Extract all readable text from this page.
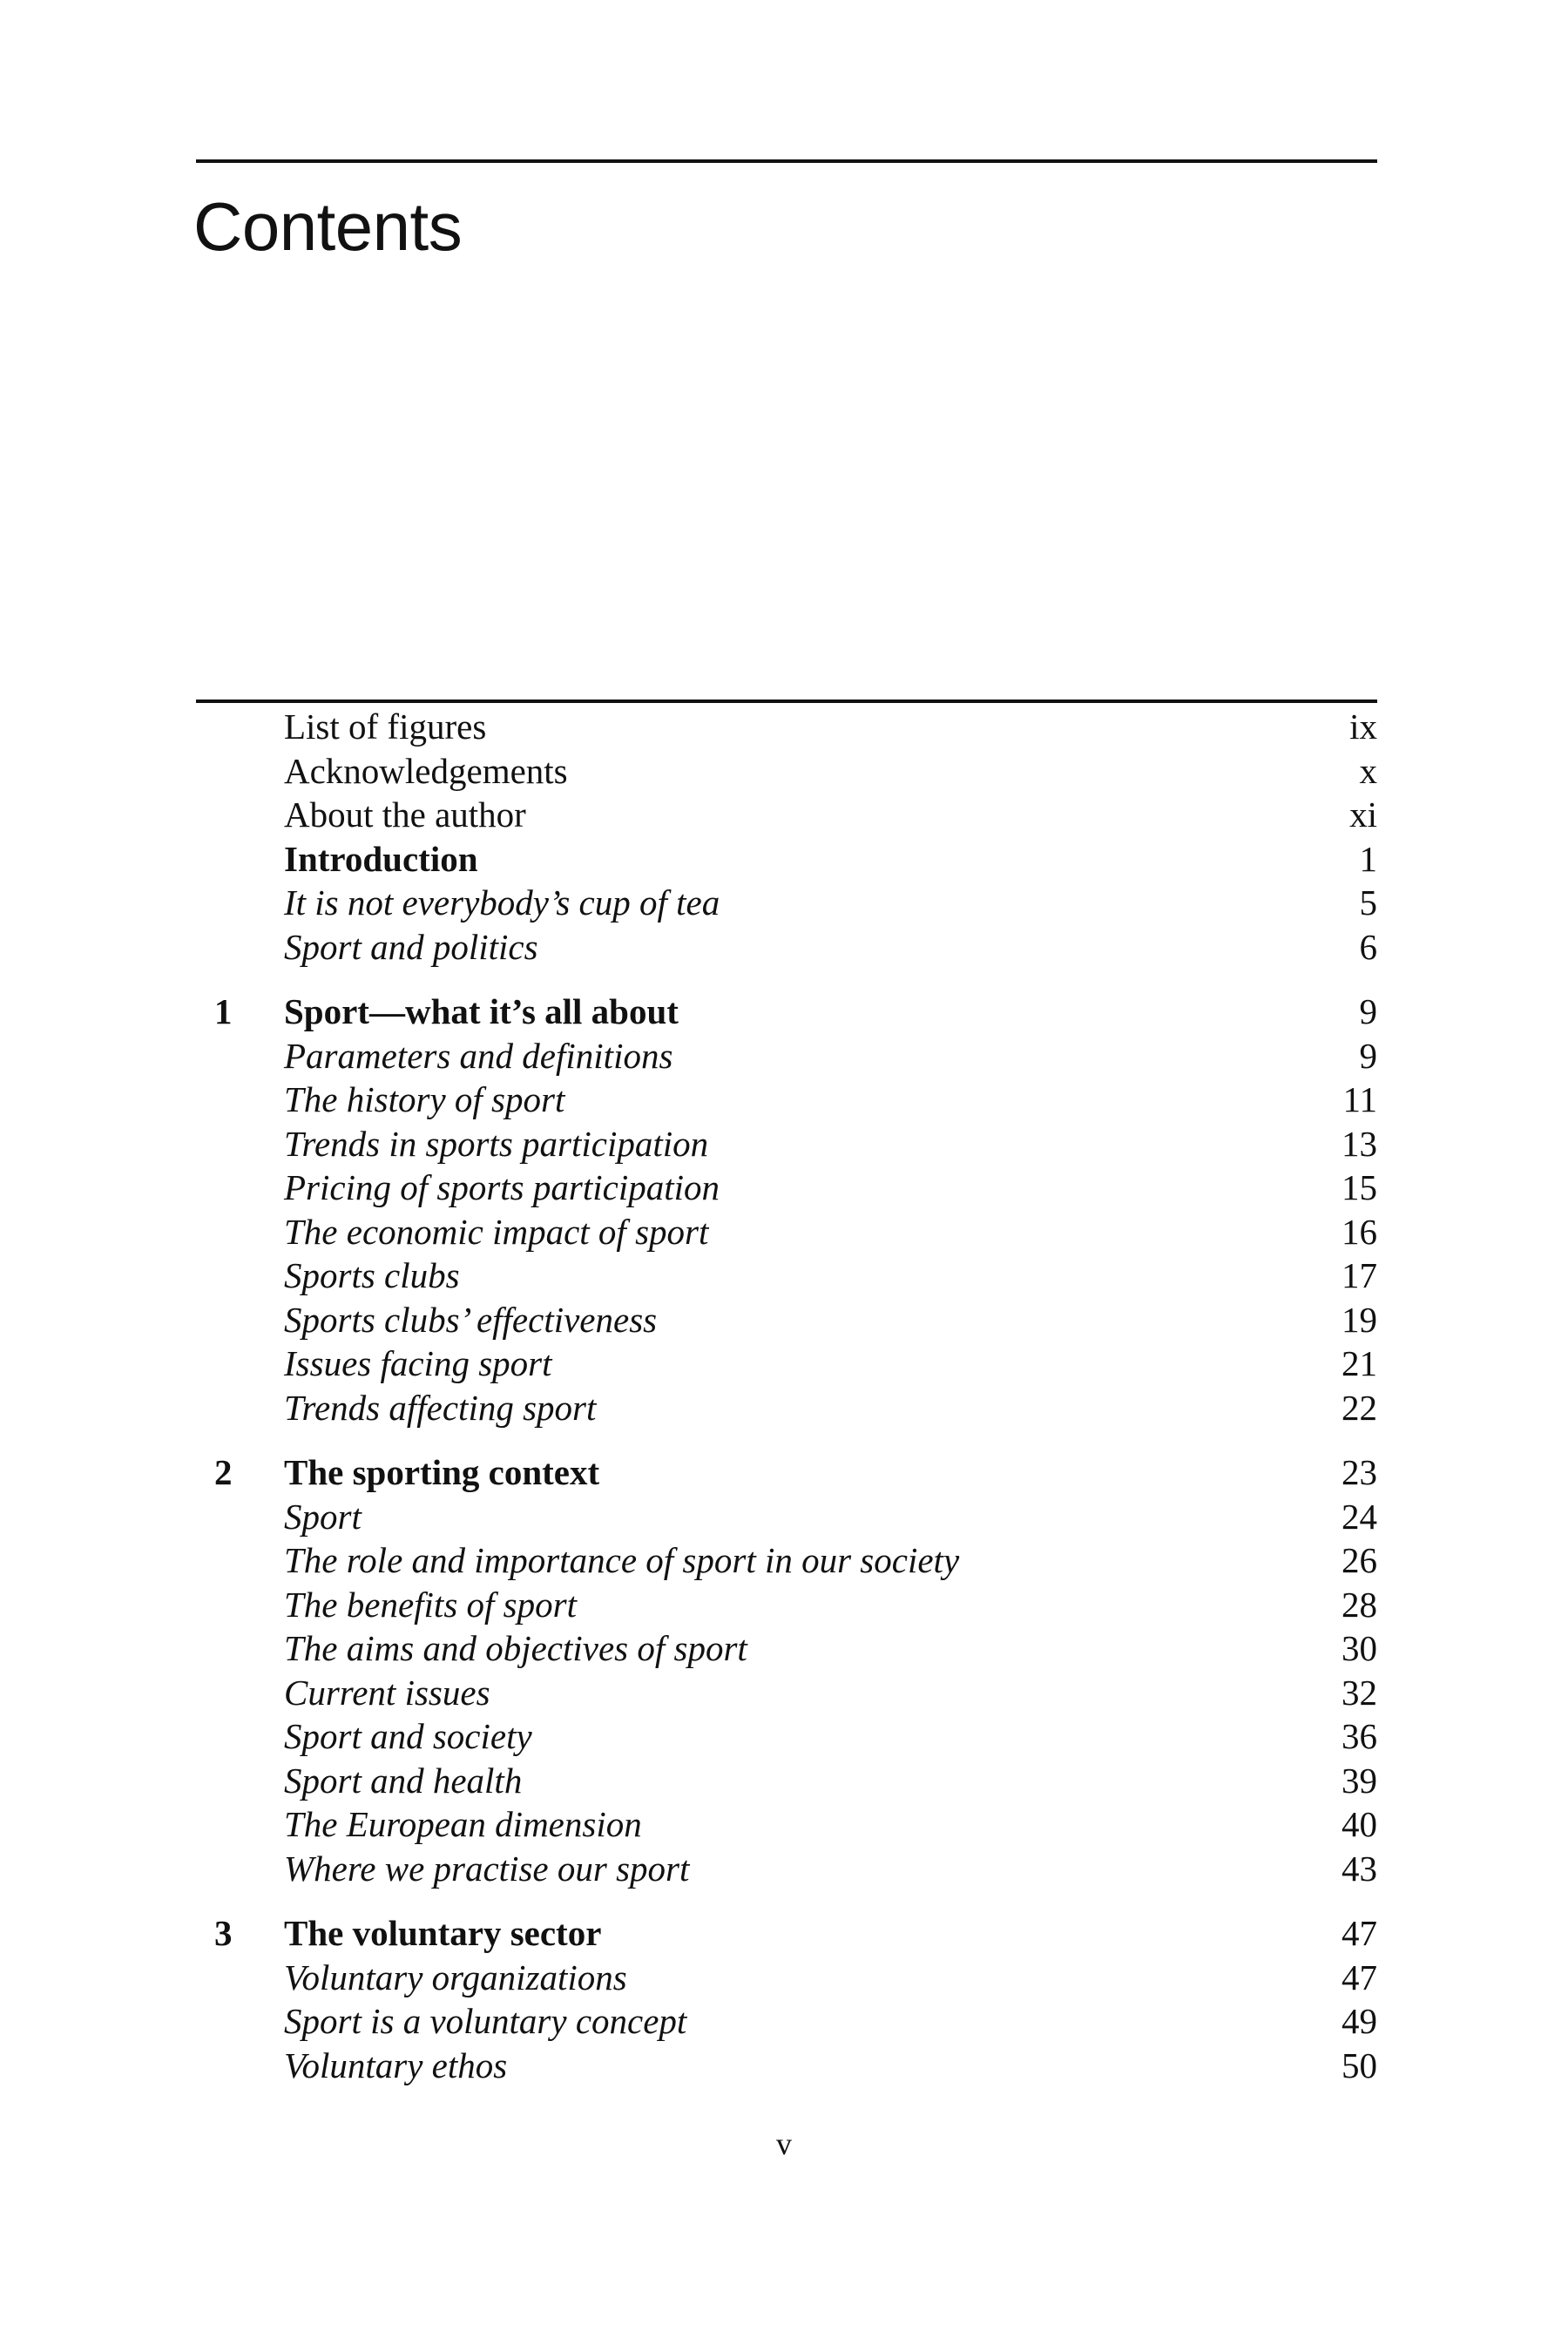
Contents
List of figures	ix
Acknowledgements	x
About the author	xi
Introduction	1
It is not everybody’s cup of tea	5
Sport and politics	6
1	Sport—what it’s all about	9
Parameters and definitions	9
The history of sport	11
Trends in sports participation	13
Pricing of sports participation	15
The economic impact of sport	16
Sports clubs	17
Sports clubs’ effectiveness	19
Issues facing sport	21
Trends affecting sport	22
2	The sporting context	23
Sport	24
The role and importance of sport in our society	26
The benefits of sport	28
The aims and objectives of sport	30
Current issues	32
Sport and society	36
Sport and health	39
The European dimension	40
Where we practise our sport	43
3	The voluntary sector	47
Voluntary organizations	47
Sport is a voluntary concept	49
Voluntary ethos	50
v
